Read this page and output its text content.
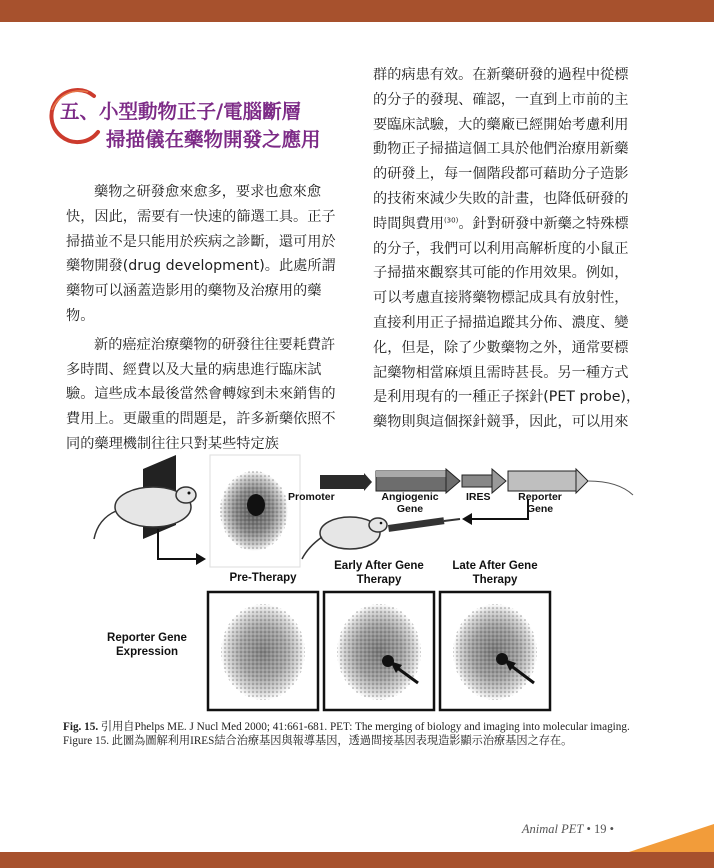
五、小型動物正子/電腦斷層
掃描儀在藥物開發之應用

藥物之研發愈來愈多，要求也愈來愈快，因此，需要有一快速的篩選工具。正子掃描並不是只能用於疾病之診斷，還可用於藥物開發(drug development)。此處所謂藥物可以涵蓋造影用的藥物及治療用的藥物。

新的癌症治療藥物的研發往往要耗費許多時間、經費以及大量的病患進行臨床試驗。這些成本最後當然會轉嫁到未來銷售的費用上。更嚴重的問題是，許多新藥依照不同的藥理機制往往只對某些特定族

群的病患有效。在新藥研發的過程中從標

的分子的發現、確認，一直到上市前的主

要臨床試驗，大的藥廠已經開始考慮利用

動物正子掃描這個工具於他們治療用新藥

的研發上，每一個階段都可藉助分子造影

的技術來減少失敗的計畫，也降低研發的

時間與費用$^{(30)}$。針對研發中新藥之特殊標

的分子，我們可以利用高解析度的小鼠正

子掃描來觀察其可能的作用效果。例如，

可以考慮直接將藥物標記成具有放射性，

直接利用正子掃描追蹤其分佈、濃度、變

化，但是，除了少數藥物之外，通常要標

記藥物相當麻煩且需時甚長。另一種方式

是利用現有的一種正子探針(PET probe)，

藥物則與這個探針競爭，因此，可以用來

Promoter	Angiogenic Gene
IRES	Reporter Gene
Pre-Therapy
Early After Gene Therapy
Late After Gene Therapy
Reporter Gene Expression
Fig. 15. 引用自Phelps ME. J Nucl Med 2000; 41:661-681. PET: The merging of biology and imaging into molecular imaging. Figure 15. 此圖為圖解利用IRES結合治療基因與報導基因，透過間接基因表現造影顯示治療基因之存在。
Animal PET • 19 •
